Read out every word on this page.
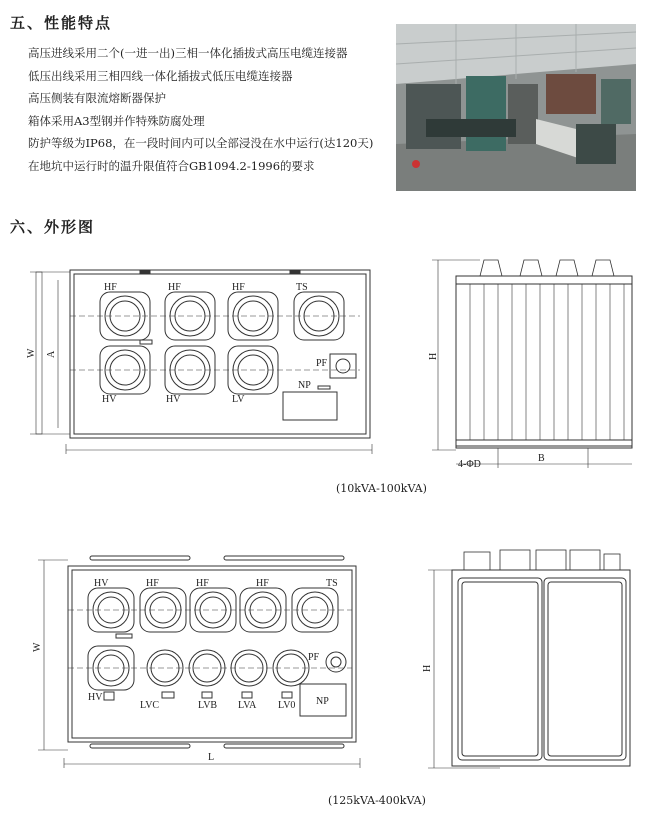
五、性能特点
高压进线采用二个(一进一出)三相一体化插拔式高压电缆连接器
低压出线采用三相四线一体化插拔式低压电缆连接器
高压侧装有限流熔断器保护
箱体采用A3型钢并作特殊防腐处理
防护等级为IP68，在一段时间内可以全部浸没在水中运行(达120天)
在地坑中运行时的温升限值符合GB1094.2-1996的要求
六、外形图
HF	HF	HF	TS
HV	HV	LV
PF
NP
W A	H
B
4-ΦD
(10kVA-100kVA)
HV	HF	HF	HF	TS
HV
LVC	LVB LVA LV0
PF
NP
W
L
H
(125kVA-400kVA)
